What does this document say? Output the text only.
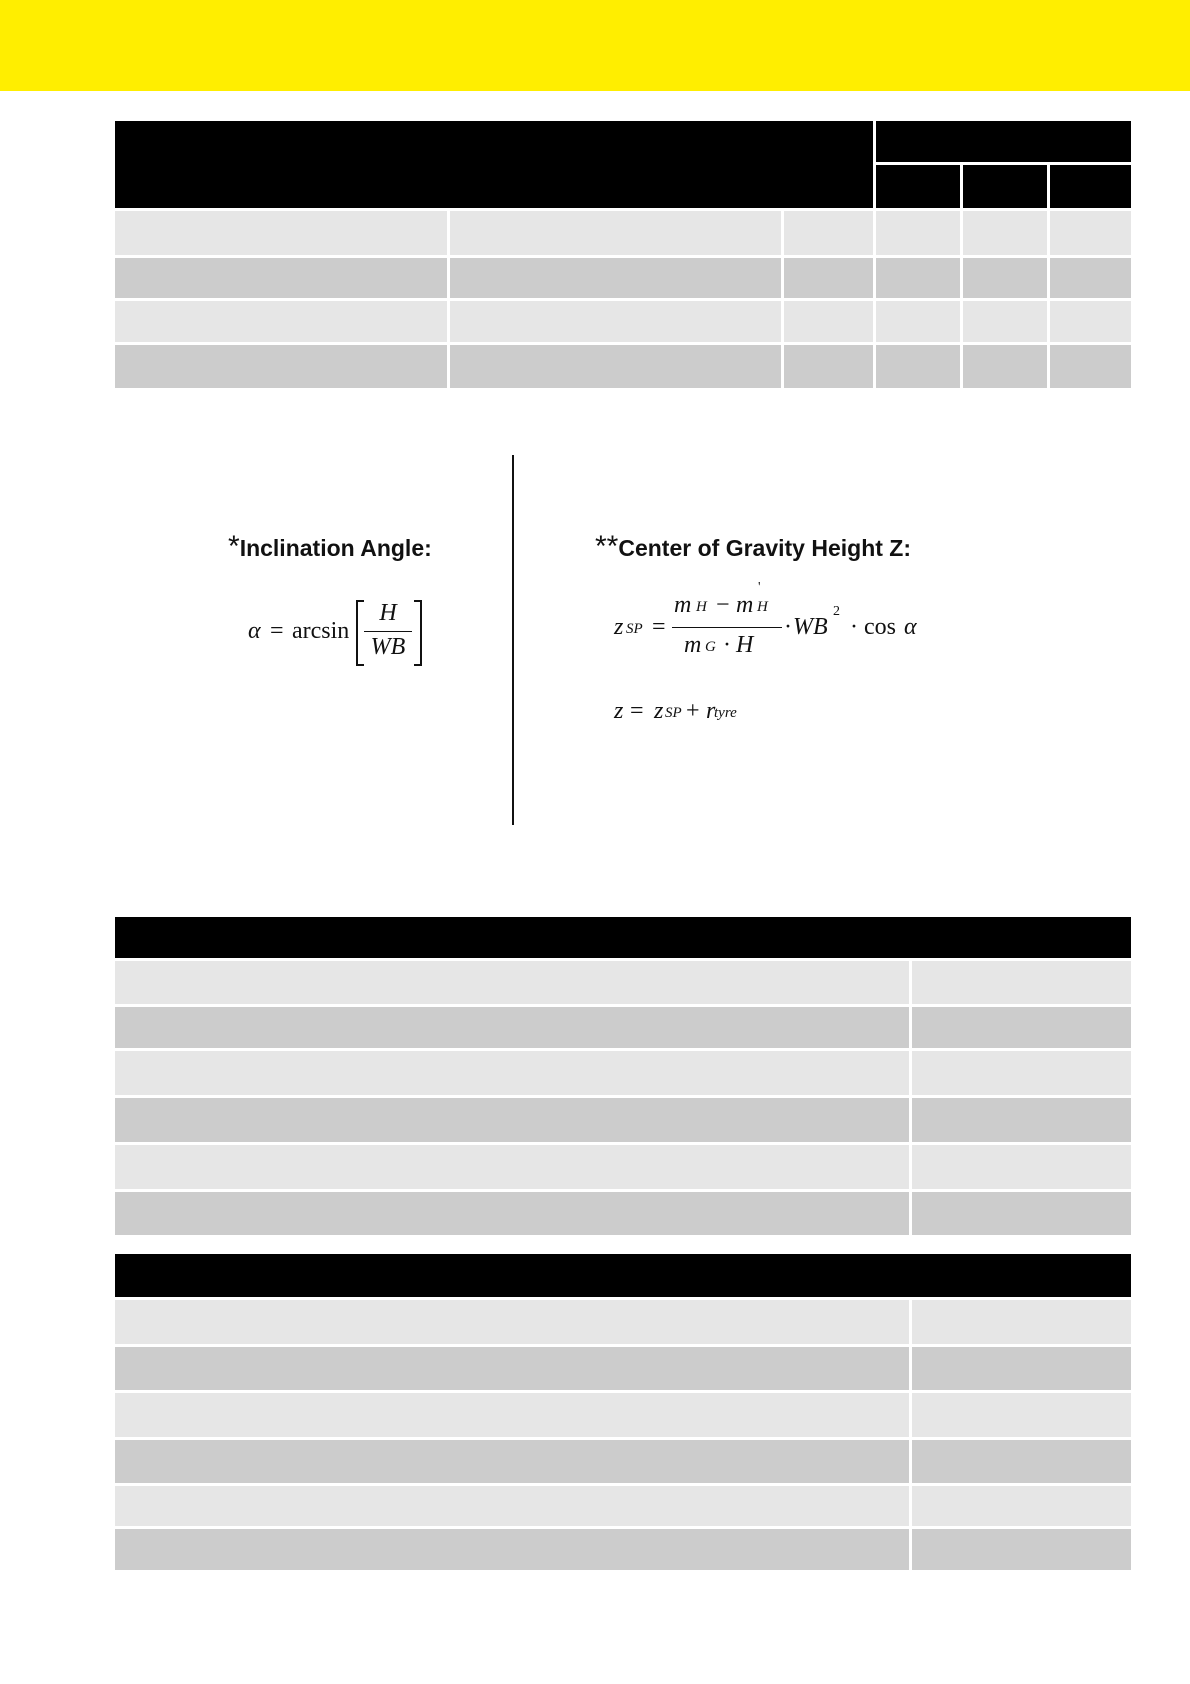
*Inclination Angle:
α = arcsin
H
WB
**Center of Gravity Height Z:
z SP =
m H − m
'
H
m G · H
· WB
2
· cos α
z = z SP + r
tyre
